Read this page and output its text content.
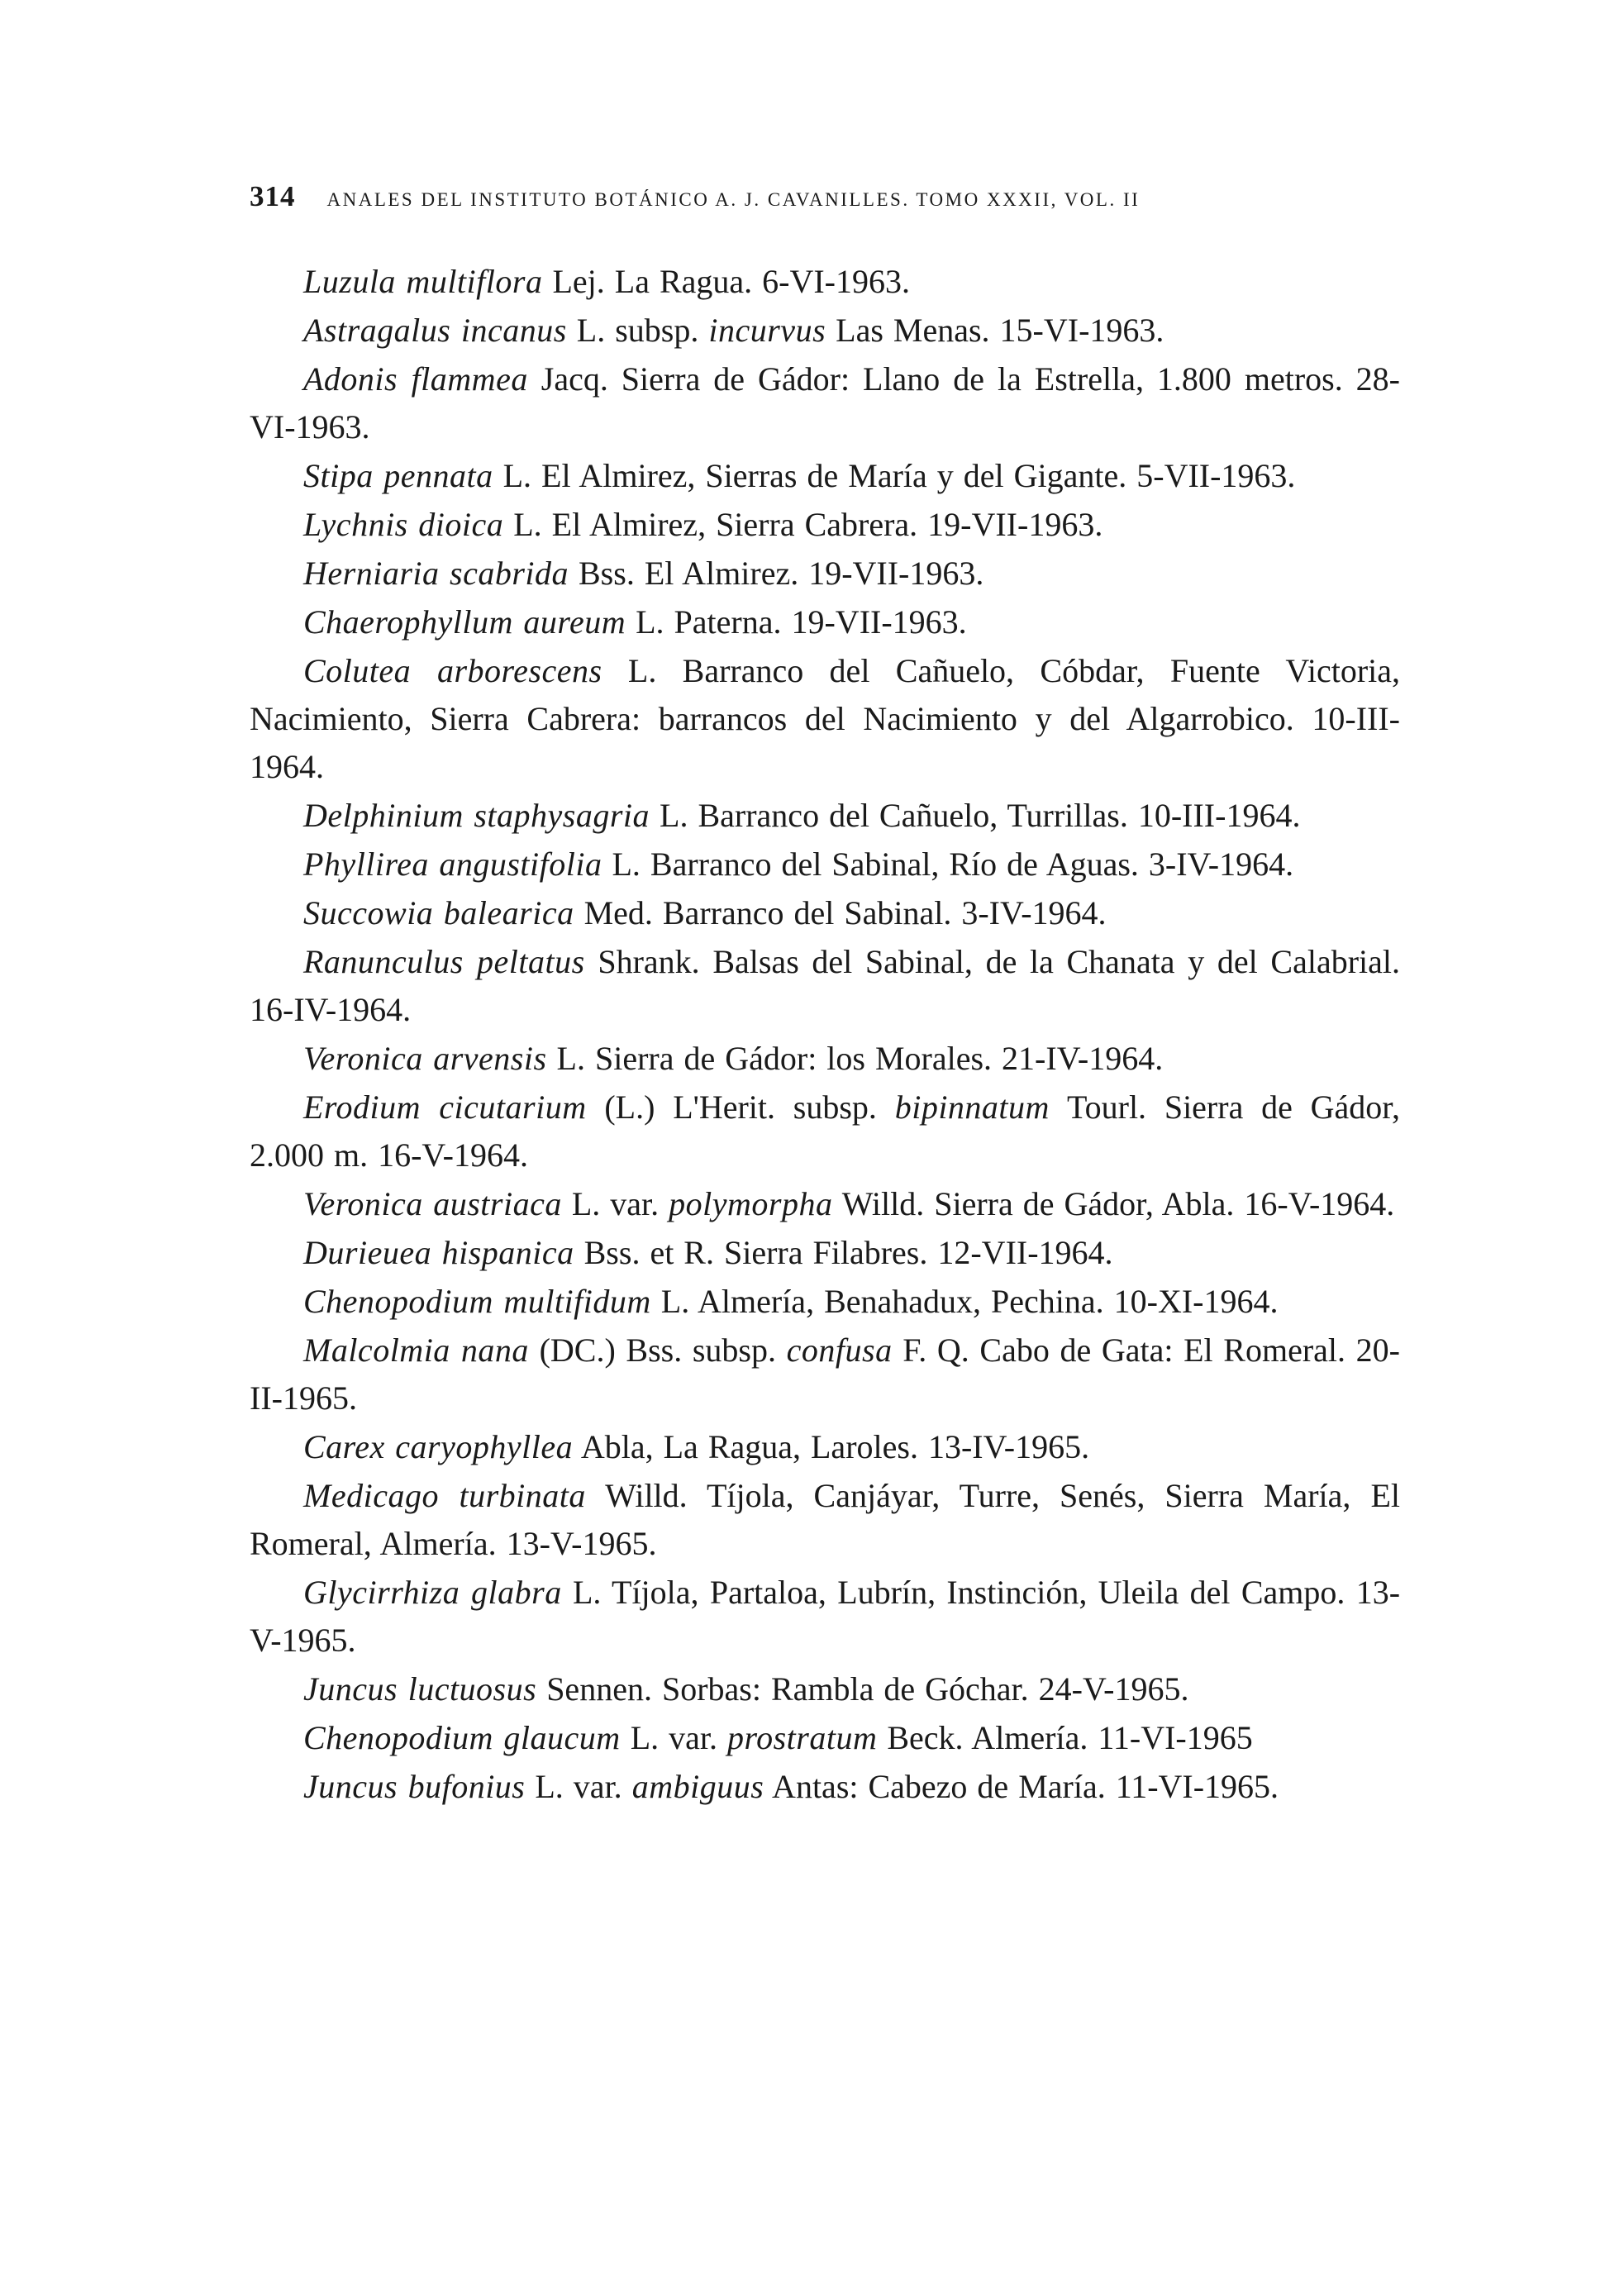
314 ANALES DEL INSTITUTO BOTÁNICO A. J. CAVANILLES. TOMO XXXII, VOL. II

Luzula multiflora Lej. La Ragua. 6-VI-1963.

Astragalus incanus L. subsp. incurvus Las Menas. 15-VI-1963.

Adonis flammea Jacq. Sierra de Gádor: Llano de la Estrella, 1.800 metros. 28-VI-1963.

Stipa pennata L. El Almirez, Sierras de María y del Gigante. 5-VII-1963.

Lychnis dioica L. El Almirez, Sierra Cabrera. 19-VII-1963.

Herniaria scabrida Bss. El Almirez. 19-VII-1963.

Chaerophyllum aureum L. Paterna. 19-VII-1963.

Colutea arborescens L. Barranco del Cañuelo, Cóbdar, Fuente Victoria, Nacimiento, Sierra Cabrera: barrancos del Nacimiento y del Algarrobico. 10-III-1964.

Delphinium staphysagria L. Barranco del Cañuelo, Turrillas. 10-III-1964.

Phyllirea angustifolia L. Barranco del Sabinal, Río de Aguas. 3-IV-1964.

Succowia balearica Med. Barranco del Sabinal. 3-IV-1964.

Ranunculus peltatus Shrank. Balsas del Sabinal, de la Chanata y del Calabrial. 16-IV-1964.

Veronica arvensis L. Sierra de Gádor: los Morales. 21-IV-1964.

Erodium cicutarium (L.) L'Herit. subsp. bipinnatum Tourl. Sierra de Gádor, 2.000 m. 16-V-1964.

Veronica austriaca L. var. polymorpha Willd. Sierra de Gádor, Abla. 16-V-1964.

Durieuea hispanica Bss. et R. Sierra Filabres. 12-VII-1964.

Chenopodium multifidum L. Almería, Benahadux, Pechina. 10-XI-1964.

Malcolmia nana (DC.) Bss. subsp. confusa F. Q. Cabo de Gata: El Romeral. 20-II-1965.

Carex caryophyllea Abla, La Ragua, Laroles. 13-IV-1965.

Medicago turbinata Willd. Tíjola, Canjáyar, Turre, Senés, Sierra María, El Romeral, Almería. 13-V-1965.

Glycirrhiza glabra L. Tíjola, Partaloa, Lubrín, Instinción, Uleila del Campo. 13-V-1965.

Juncus luctuosus Sennen. Sorbas: Rambla de Góchar. 24-V-1965.

Chenopodium glaucum L. var. prostratum Beck. Almería. 11-VI-1965

Juncus bufonius L. var. ambiguus Antas: Cabezo de María. 11-VI-1965.
